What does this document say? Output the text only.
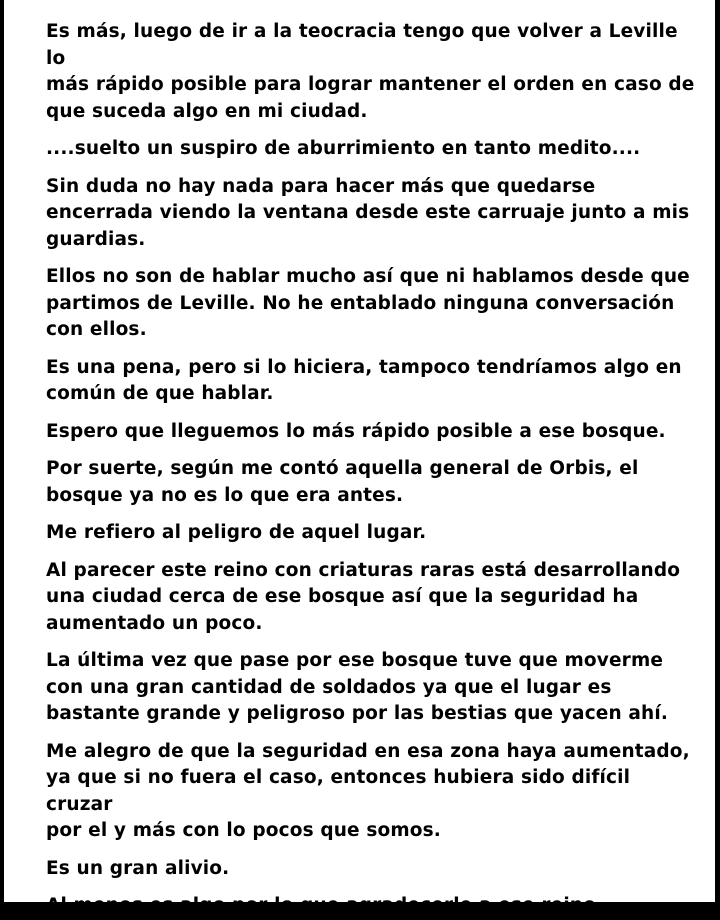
Es más, luego de ir a la teocracia tengo que volver a Leville lo
más rápido posible para lograr mantener el orden en caso de
que suceda algo en mi ciudad.

....suelto un suspiro de aburrimiento en tanto medito....

Sin duda no hay nada para hacer más que quedarse
encerrada viendo la ventana desde este carruaje junto a mis
guardias.

Ellos no son de hablar mucho así que ni hablamos desde que
partimos de Leville. No he entablado ninguna conversación
con ellos.

Es una pena, pero si lo hiciera, tampoco tendríamos algo en
común de que hablar.

Espero que lleguemos lo más rápido posible a ese bosque.

Por suerte, según me contó aquella general de Orbis, el
bosque ya no es lo que era antes.

Me refiero al peligro de aquel lugar.

Al parecer este reino con criaturas raras está desarrollando
una ciudad cerca de ese bosque así que la seguridad ha
aumentado un poco.

La última vez que pase por ese bosque tuve que moverme
con una gran cantidad de soldados ya que el lugar es
bastante grande y peligroso por las bestias que yacen ahí.

Me alegro de que la seguridad en esa zona haya aumentado,
ya que si no fuera el caso, entonces hubiera sido difícil cruzar
por el y más con lo pocos que somos.

Es un gran alivio.

Al menos es algo por lo que agradecerle a ese reino.
